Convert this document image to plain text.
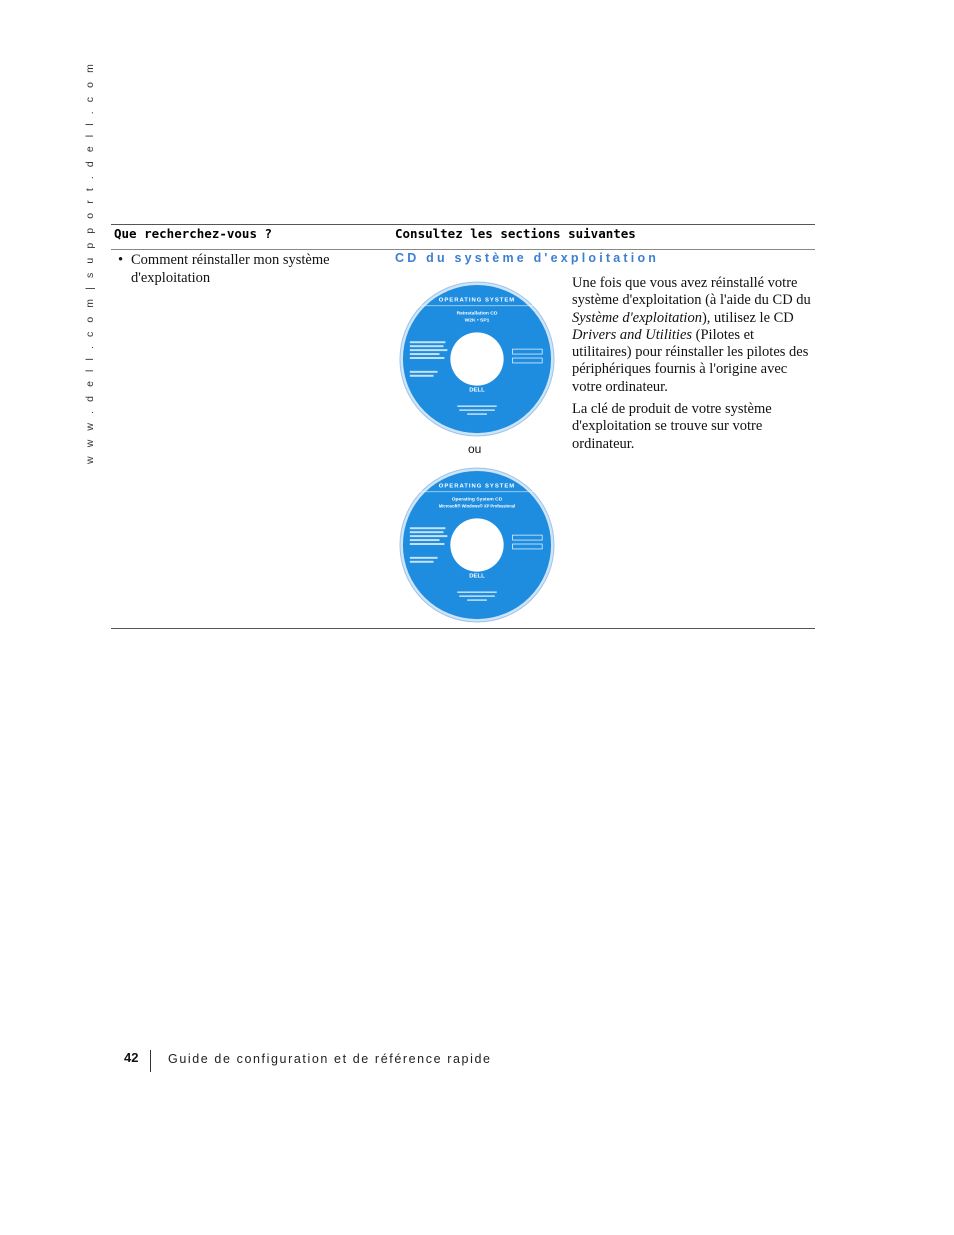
w w w . d e l l . c o m | s u p p o r t . d e l l . c o m	Que recherchez-vous ?	Consultez les sections suivantes
• Comment réinstaller mon système d'exploitation
CD du système d'exploitation
OPERATING SYSTEM
Reinstallation CD
W2K • SP1
DELL
ou
OPERATING SYSTEM
Operating System CD
Microsoft® Windows® XP Professional
DELL

Une fois que vous avez réinstallé votre système d'exploitation (à l'aide du CD du Système d'exploitation), utilisez le CD Drivers and Utilities (Pilotes et utilitaires) pour réinstaller les pilotes des périphériques fournis à l'origine avec votre ordinateur.

La clé de produit de votre système d'exploitation se trouve sur votre ordinateur.

42 Guide de configuration et de référence rapide
